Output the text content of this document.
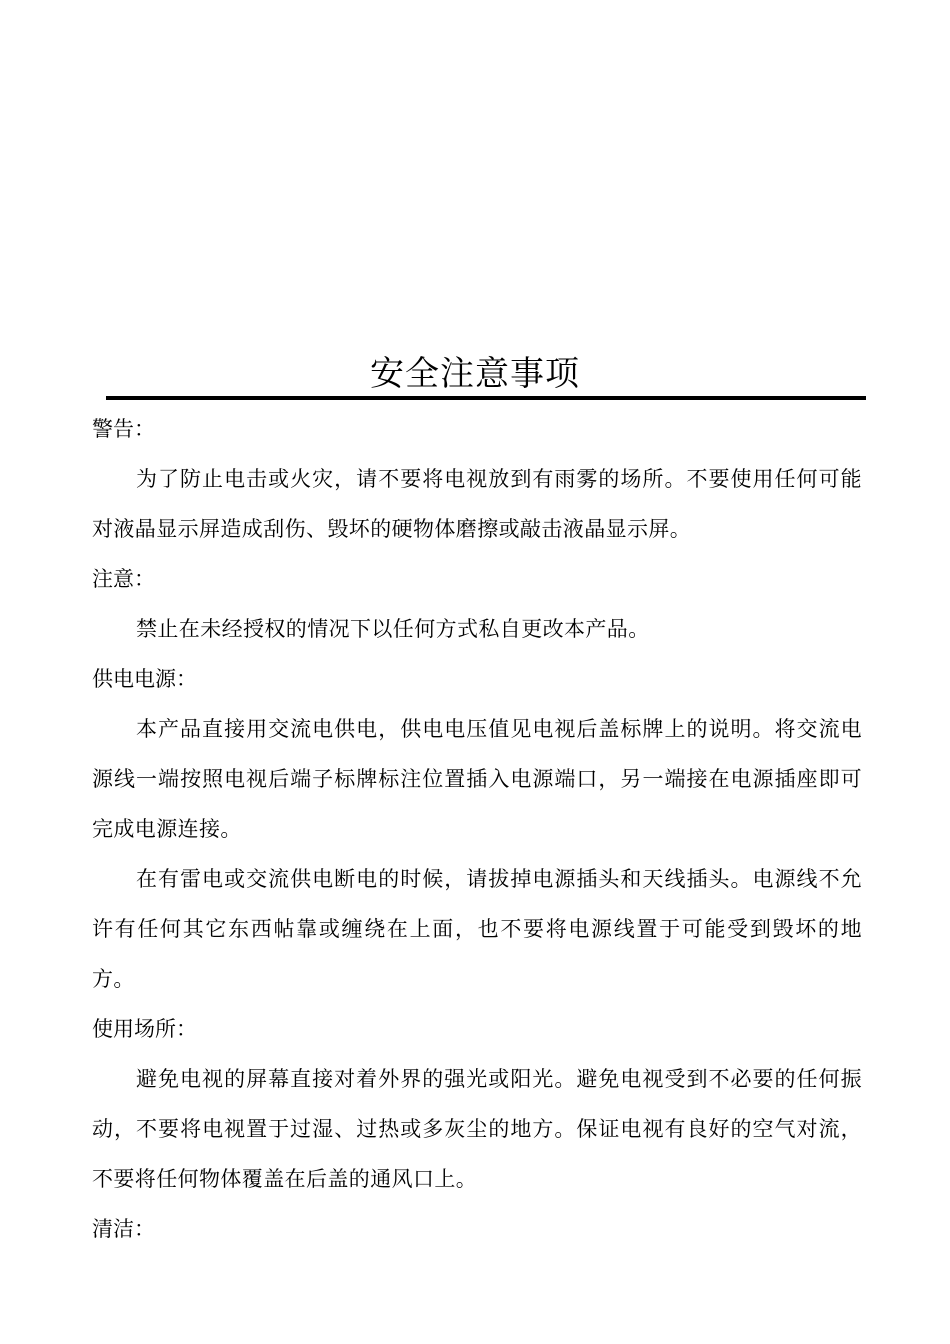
安全注意事项
警告：

为了防止电击或火灾，请不要将电视放到有雨雾的场所。不要使用任何可能对液晶显示屏造成刮伤、毁坏的硬物体磨擦或敲击液晶显示屏。

注意：

禁止在未经授权的情况下以任何方式私自更改本产品。

供电电源：

本产品直接用交流电供电，供电电压值见电视后盖标牌上的说明。将交流电源线一端按照电视后端子标牌标注位置插入电源端口，另一端接在电源插座即可完成电源连接。

在有雷电或交流供电断电的时候，请拔掉电源插头和天线插头。电源线不允许有任何其它东西帖靠或缠绕在上面，也不要将电源线置于可能受到毁坏的地方。

使用场所：

避免电视的屏幕直接对着外界的强光或阳光。避免电视受到不必要的任何振动，不要将电视置于过湿、过热或多灰尘的地方。保证电视有良好的空气对流，不要将任何物体覆盖在后盖的通风口上。

清洁：
